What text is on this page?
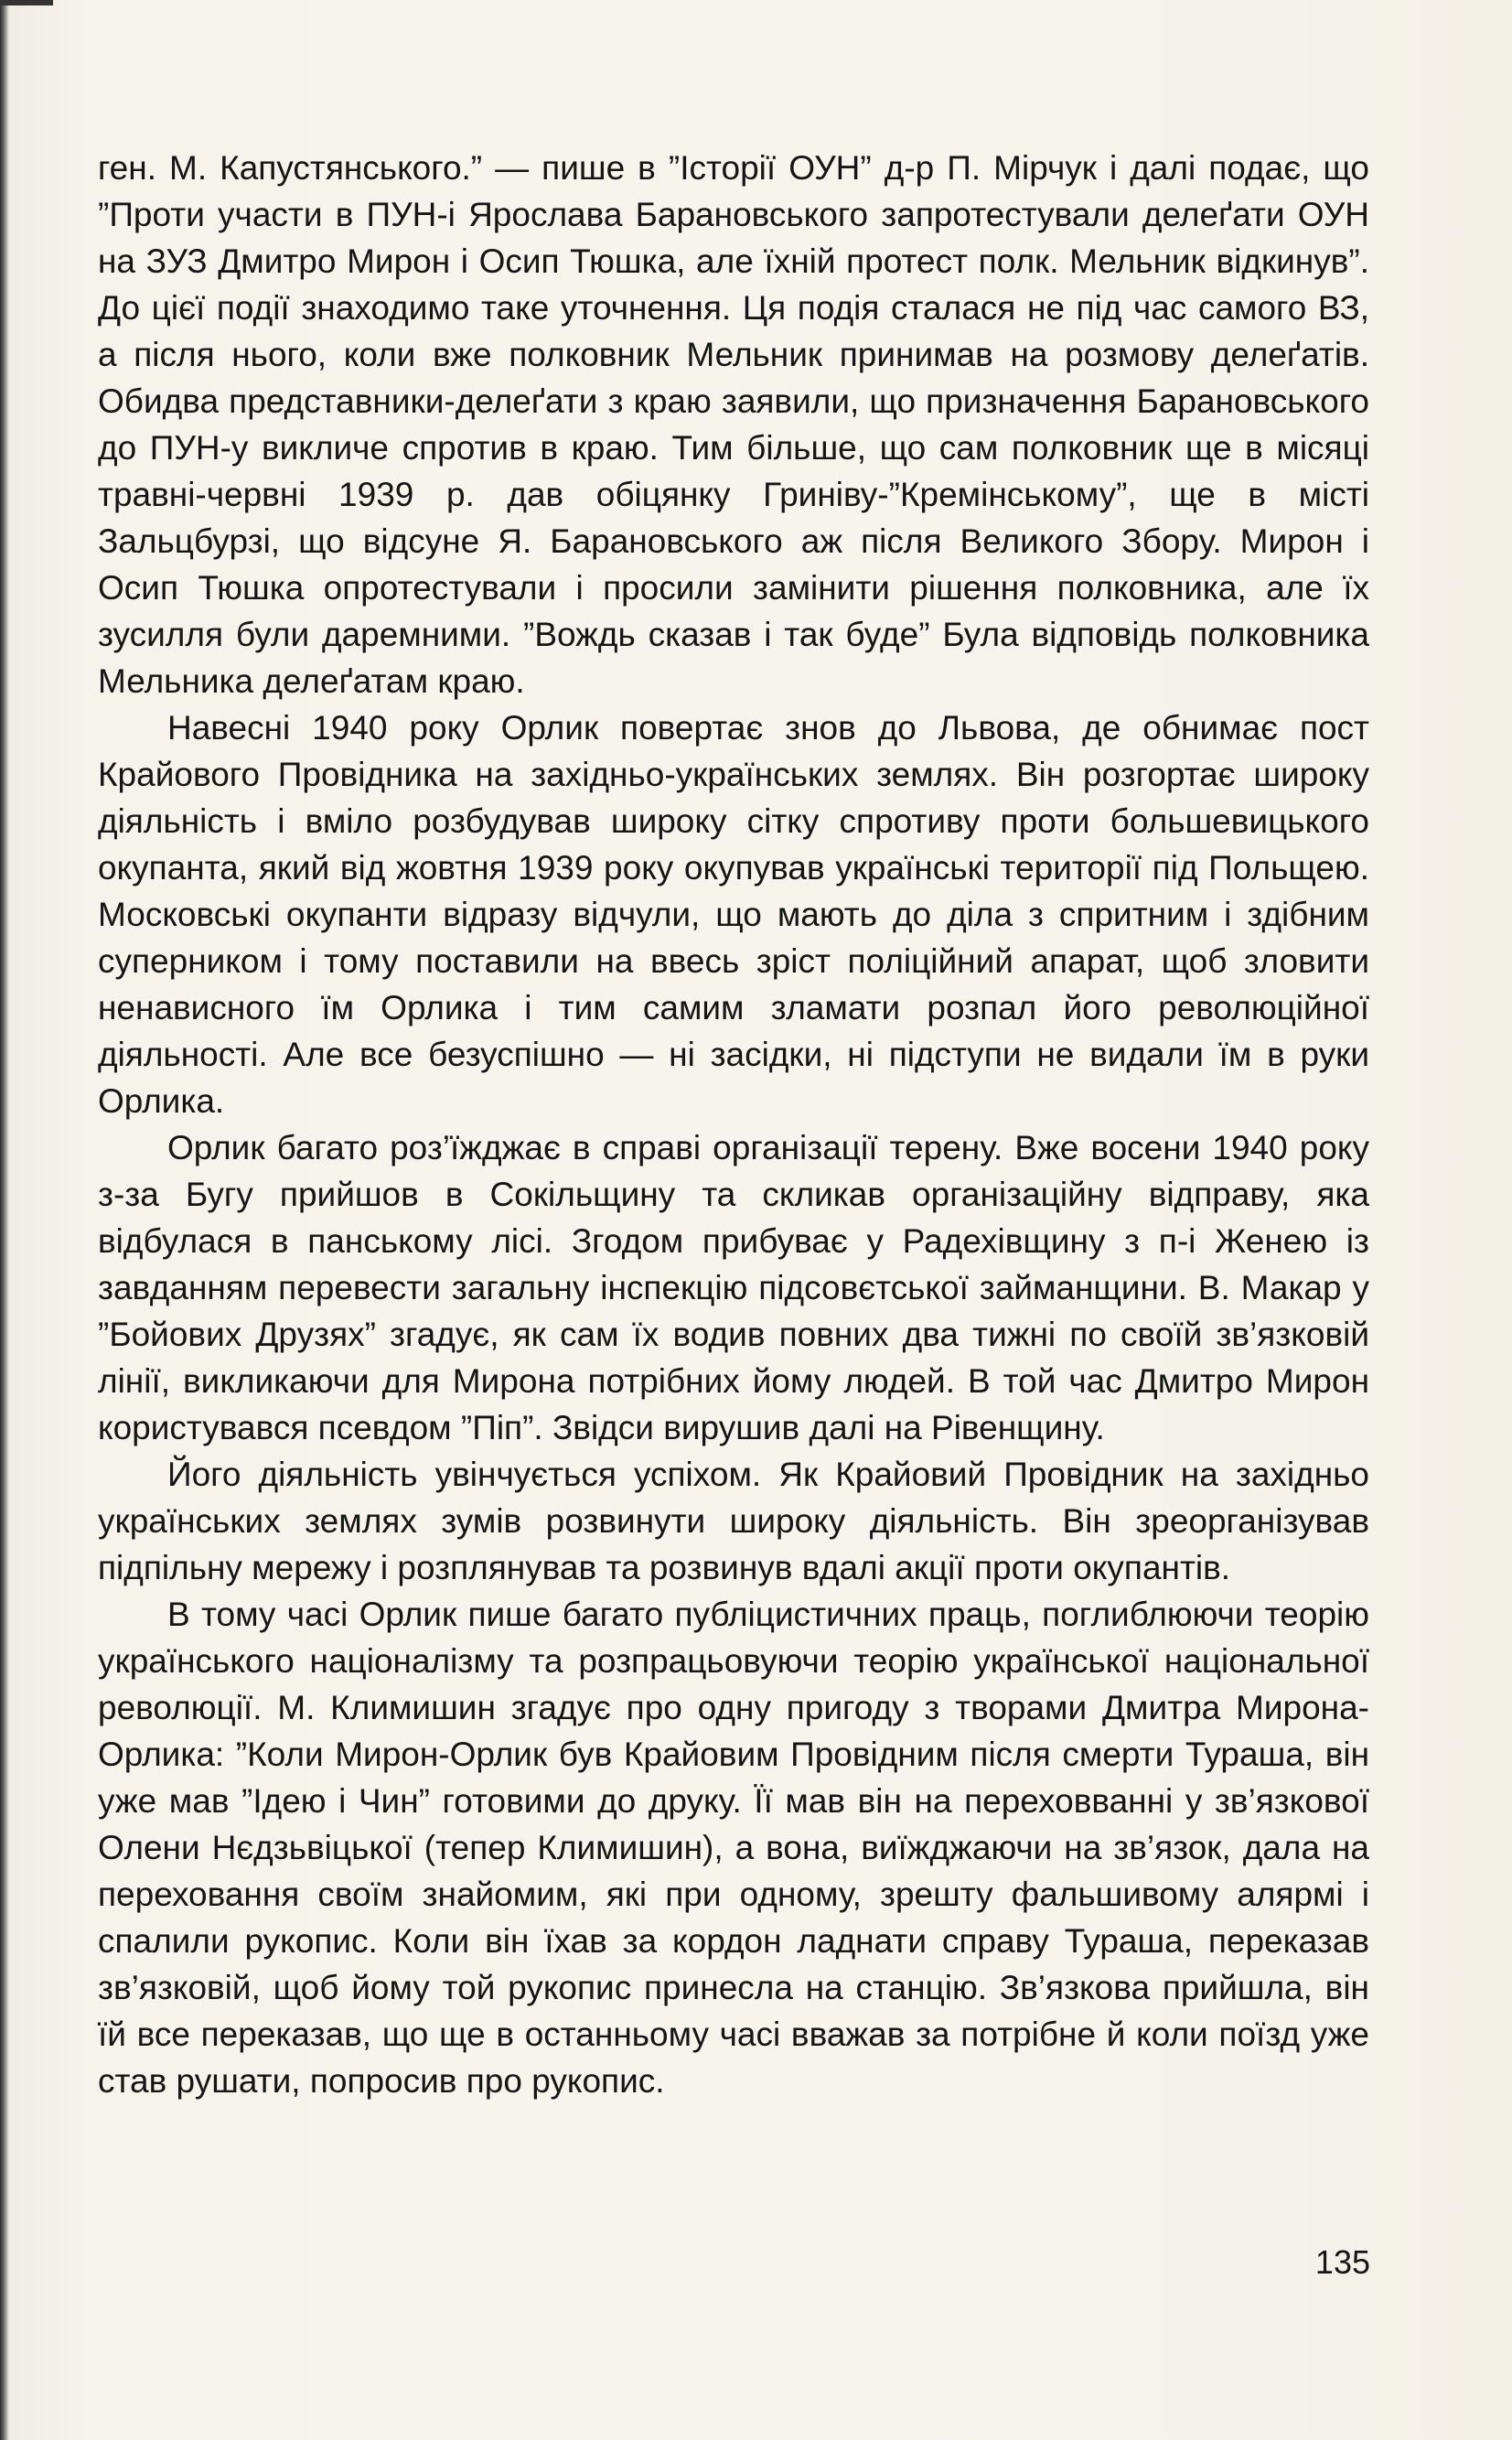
ген. М. Капустянського.” — пише в ”Історії ОУН” д-р П. Мірчук і далі подає, що ”Проти участи в ПУН-і Ярослава Барановського запротестували делеґати ОУН на ЗУЗ Дмитро Мирон і Осип Тюшка, але їхній протест полк. Мельник відкинув”. До цієї події знаходимо таке уточнення. Ця подія сталася не під час самого ВЗ, а після нього, коли вже полковник Мельник принимав на розмову делеґатів. Обидва представники-делеґати з краю заявили, що призначення Барановського до ПУН-у викличе спротив в краю. Тим більше, що сам полковник ще в місяці травні-червні 1939 р. дав обіцянку Гриніву-”Кремінському”, ще в місті Зальцбурзі, що відсуне Я. Барановського аж після Великого Збору. Мирон і Осип Тюшка опротестували і просили замінити рішення полковника, але їх зусилля були даремними. ”Вождь сказав і так буде” Була відповідь полковника Мельника делеґатам краю.

Навесні 1940 року Орлик повертає знов до Львова, де обнимає пост Крайового Провідника на західньо-українських землях. Він розгортає широку діяльність і вміло розбудував широку сітку спротиву проти большевицького окупанта, який від жовтня 1939 року окупував українські території під Польщею. Московські окупанти відразу відчули, що мають до діла з спритним і здібним суперником і тому поставили на ввесь зріст поліційний апарат, щоб зловити ненависного їм Орлика і тим самим зламати розпал його революційної діяльності. Але все безуспішно — ні засідки, ні підступи не видали їм в руки Орлика.

Орлик багато роз’їжджає в справі організації терену. Вже восени 1940 року з-за Бугу прийшов в Сокільщину та скликав організаційну відправу, яка відбулася в панському лісі. Згодом прибуває у Радехівщину з п-і Женею із завданням перевести загальну інспекцію підсовєтської займанщини. В. Макар у ”Бойових Друзях” згадує, як сам їх водив повних два тижні по своїй зв’язковій лінії, викликаючи для Мирона потрібних йому людей. В той час Дмитро Мирон користувався псевдом ”Піп”. Звідси вирушив далі на Рівенщину.

Його діяльність увінчується успіхом. Як Крайовий Провідник на західньо українських землях зумів розвинути широку діяльність. Він зреорганізував підпільну мережу і розплянував та розвинув вдалі акції проти окупантів.

В тому часі Орлик пише багато публіцистичних праць, поглиблюючи теорію українського націоналізму та розпрацьовуючи теорію української національної революції. М. Климишин згадує про одну пригоду з творами Дмитра Мирона-Орлика: ”Коли Мирон-Орлик був Крайовим Провідним після смерти Тураша, він уже мав ”Ідею і Чин” готовими до друку. Її мав він на переховванні у зв’язкової Олени Нєдзьвіцької (тепер Климишин), а вона, виїжджаючи на зв’язок, дала на переховання своїм знайомим, які при одному, зрешту фальшивому алярмі і спалили рукопис. Коли він їхав за кордон ладнати справу Тураша, переказав зв’язковій, щоб йому той рукопис принесла на станцію. Зв’язкова прийшла, він їй все переказав, що ще в останньому часі вважав за потрібне й коли поїзд уже став рушати, попросив про рукопис.

135
